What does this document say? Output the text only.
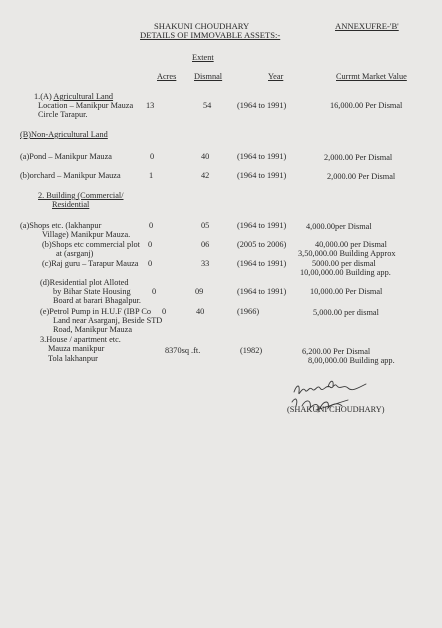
SHAKUNI CHOUDHARY
DETAILS OF IMMOVABLE ASSETS:-
ANNEXUFRE-'B'
Extent
Acres Dismnal	Year	Currmt Market Value
1.(A) Agricultural Land
Location – Manikpur Mauza
Circle Tarapur.
13	54	(1964 to 1991)	16,000.00 Per Dismal
(B)Non-Agricultural Land
(a)Pond – Manikpur Mauza	0	40	(1964 to 1991)	2,000.00 Per Dismal
(b)orchard – Manikpur Mauza	1	42	(1964 to 1991)	2,000.00 Per Dismal
2. Building (Commercial/
Residential
(a)Shops etc. (lakhanpur
Village) Manikpur Mauza.
0	05	(1964 to 1991) 4,000.00per Dismal
(b)Shops etc commercial plot
at (asrganj)
0	06	(2005 to 2006)	40,000.00 per Dismal
3,50,000.00 Building Approx
(c)Raj guru – Tarapur Mauza 0	33	(1964 to 1991)	5000.00 per dismal
10,00,000.00 Building app.
(d)Residential plot Alloted
by Bihar State Housing
Board at barari Bhagalpur.
0	09	(1964 to 1991)	10,000.00 Per Dismal
(e)Petrol Pump in H.U.F (IBP Co
Land near Asarganj, Beside STD
Road, Manikpur Mauza
0	40	(1966)	5,000.00 per dismal
3.House / apartment etc.
Mauza manikpur
Tola lakhanpur
8370sq .ft.	(1982)	6,200.00 Per Dismal
8,00,000.00 Building app.
(SHAKUNI CHOUDHARY)
